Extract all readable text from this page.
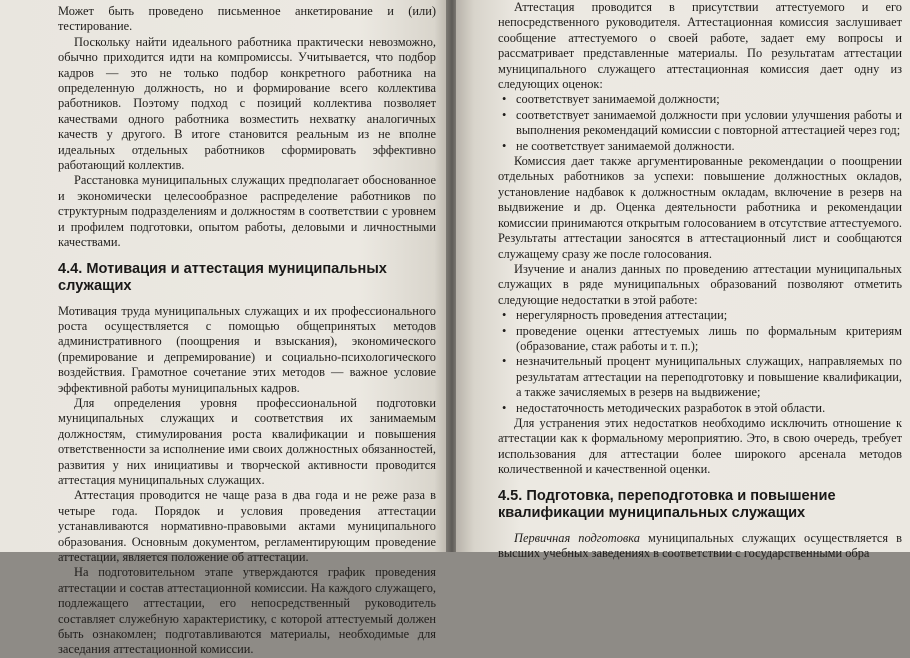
Может быть проведено письменное анкетирование и (или) тестирование.

Поскольку найти идеального работника практически невозможно, обычно приходится идти на компромиссы. Учитывается, что подбор кадров — это не только подбор конкретного работника на определенную должность, но и формирование всего коллектива работников. Поэтому подход с позиций коллектива позволяет качествами одного работника возместить нехватку аналогичных качеств у другого. В итоге становится реальным из не вполне идеальных отдельных работников сформировать эффективно работающий коллектив.

Расстановка муниципальных служащих предполагает обоснованное и экономически целесообразное распределение работников по структурным подразделениям и должностям в соответствии с уровнем и профилем подготовки, опытом работы, деловыми и личностными качествами.

4.4. Мотивация и аттестация муниципальных служащих

Мотивация труда муниципальных служащих и их профессионального роста осуществляется с помощью общепринятых методов административного (поощрения и взыскания), экономического (премирование и депремирование) и социально-психологического воздействия. Грамотное сочетание этих методов — важное условие эффективной работы муниципальных кадров.

Для определения уровня профессиональной подготовки муниципальных служащих и соответствия их занимаемым должностям, стимулирования роста квалификации и повышения ответственности за исполнение ими своих должностных обязанностей, развития у них инициативы и творческой активности проводится аттестация муниципальных служащих.

Аттестация проводится не чаще раза в два года и не реже раза в четыре года. Порядок и условия проведения аттестации устанавливаются нормативно-правовыми актами муниципального образования. Основным документом, регламентирующим проведение аттестации, является положение об аттестации.

На подготовительном этапе утверждаются график проведения аттестации и состав аттестационной комиссии. На каждого служащего, подлежащего аттестации, его непосредственный руководитель составляет служебную характеристику, с которой аттестуемый должен быть ознакомлен; подготавливаются материалы, необходимые для заседания аттестационной комиссии.

Аттестация проводится в присутствии аттестуемого и его непосредственного руководителя. Аттестационная комиссия заслушивает сообщение аттестуемого о своей работе, задает ему вопросы и рассматривает представленные материалы. По результатам аттестации муниципального служащего аттестационная комиссия дает одну из следующих оценок:

• соответствует занимаемой должности;
• соответствует занимаемой должности при условии улучшения работы и выполнения рекомендаций комиссии с повторной аттестацией через год;
• не соответствует занимаемой должности.

Комиссия дает также аргументированные рекомендации о поощрении отдельных работников за успехи: повышение должностных окладов, установление надбавок к должностным окладам, включение в резерв на выдвижение и др. Оценка деятельности работника и рекомендации комиссии принимаются открытым голосованием в отсутствие аттестуемого. Результаты аттестации заносятся в аттестационный лист и сообщаются служащему сразу же после голосования.

Изучение и анализ данных по проведению аттестации муниципальных служащих в ряде муниципальных образований позволяют отметить следующие недостатки в этой работе:

• нерегулярность проведения аттестации;
• проведение оценки аттестуемых лишь по формальным критериям (образование, стаж работы и т. п.);
• незначительный процент муниципальных служащих, направляемых по результатам аттестации на переподготовку и повышение квалификации, а также зачисляемых в резерв на выдвижение;
• недостаточность методических разработок в этой области.

Для устранения этих недостатков необходимо исключить отношение к аттестации как к формальному мероприятию. Это, в свою очередь, требует использования для аттестации более широкого арсенала методов количественной и качественной оценки.

4.5. Подготовка, переподготовка и повышение квалификации муниципальных служащих

Первичная подготовка муниципальных служащих осуществляется в высших учебных заведениях в соответствии с государственными обра
